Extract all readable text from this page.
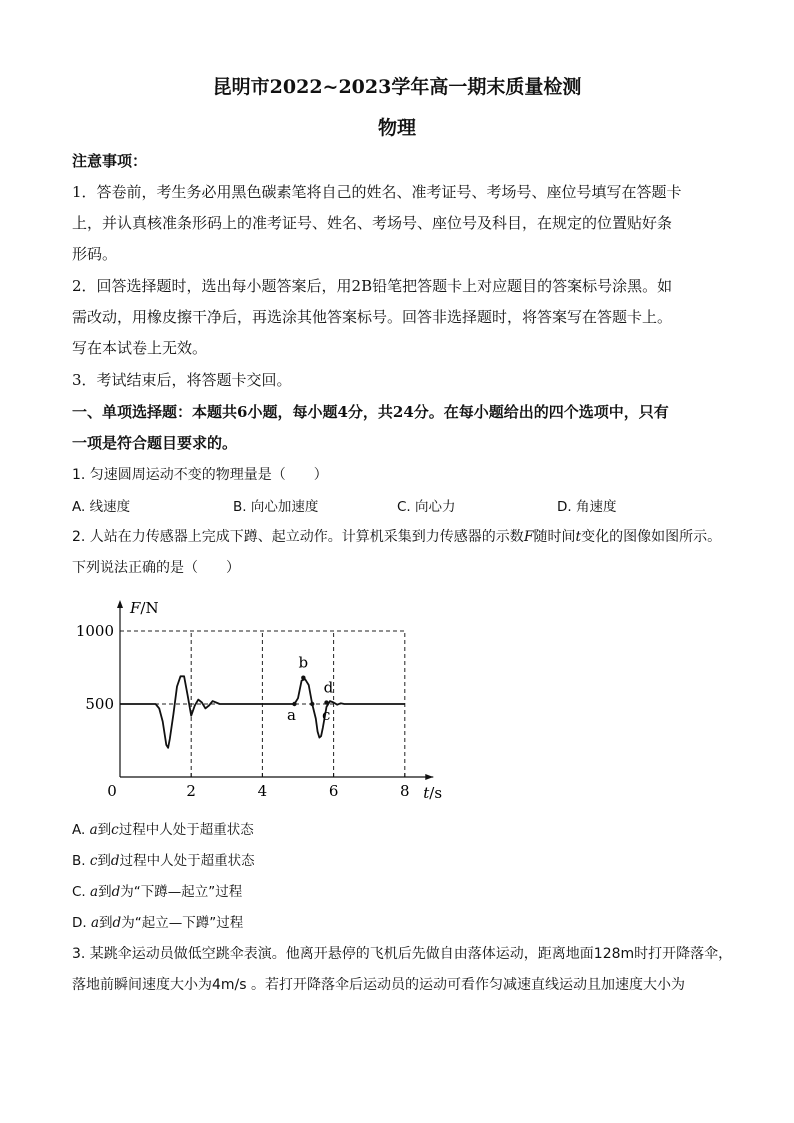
昆明市2022~2023学年高一期末质量检测
物理
注意事项：
1．答卷前，考生务必用黑色碳素笔将自己的姓名、准考证号、考场号、座位号填写在答题卡
上，并认真核准条形码上的准考证号、姓名、考场号、座位号及科目，在规定的位置贴好条
形码。
2．回答选择题时，选出每小题答案后，用2B铅笔把答题卡上对应题目的答案标号涂黑。如
需改动，用橡皮擦干净后，再选涂其他答案标号。回答非选择题时，将答案写在答题卡上。
写在本试卷上无效。
3．考试结束后，将答题卡交回。
一、单项选择题：本题共6小题，每小题4分，共24分。在每小题给出的四个选项中，只有
一项是符合题目要求的。
1. 匀速圆周运动不变的物理量是（　　）
A. 线速度	B. 向心加速度	C. 向心力	D. 角速度
2. 人站在力传感器上完成下蹲、起立动作。计算机采集到力传感器的示数F随时间t变化的图像如图所示。
下列说法正确的是（　　）
0	2	4	6	8
500
1000
F/N
t/s
a
b
c
d
A. a到c过程中人处于超重状态
B. c到d过程中人处于超重状态
C. a到d为“下蹲—起立”过程
D. a到d为“起立—下蹲”过程
3. 某跳伞运动员做低空跳伞表演。他离开悬停的飞机后先做自由落体运动，距离地面128m时打开降落伞，
落地前瞬间速度大小为4m/s 。若打开降落伞后运动员的运动可看作匀减速直线运动且加速度大小为
